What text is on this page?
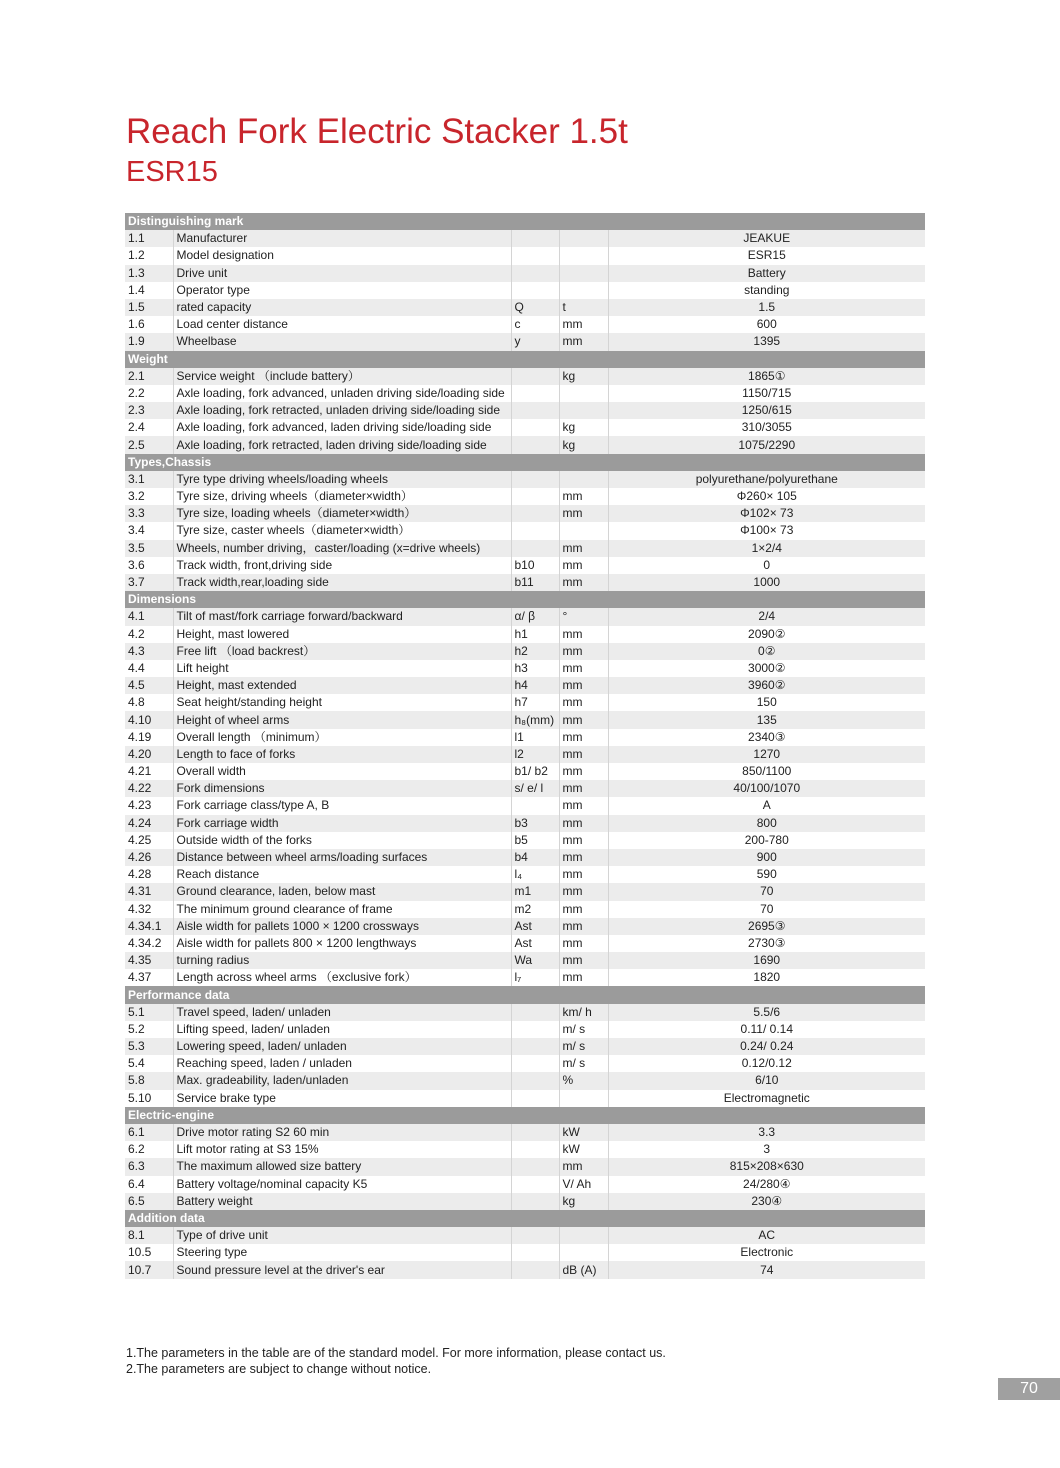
Reach Fork Electric Stacker 1.5t
ESR15
Distinguishing mark				
1.1	Manufacturer			JEAKUE
1.2	Model designation			ESR15
1.3	Drive unit			Battery
1.4	Operator type			standing
1.5	rated capacity	Q	t	1.5
1.6	Load center distance	c	mm	600
1.9	Wheelbase	y	mm	1395
Weight				
2.1	Service weight （include battery）		kg	1865①
2.2	Axle loading, fork advanced, unladen driving side/loading side			1150/715
2.3	Axle loading, fork retracted, unladen driving side/loading side			1250/615
2.4	Axle loading, fork advanced, laden driving side/loading side		kg	310/3055
2.5	Axle loading, fork retracted, laden driving side/loading side		kg	1075/2290
Types,Chassis				
3.1	Tyre type driving wheels/loading wheels			polyurethane/polyurethane
3.2	Tyre size, driving wheels（diameter×width）		mm	Φ260× 105
3.3	Tyre size, loading wheels（diameter×width）		mm	Φ102× 73
3.4	Tyre size, caster wheels（diameter×width）			Φ100× 73
3.5	Wheels, number driving，caster/loading (x=drive wheels)		mm	1×2/4
3.6	Track width, front,driving side	b10	mm	0
3.7	Track width,rear,loading side	b11	mm	1000
Dimensions				
4.1	Tilt of mast/fork carriage forward/backward	α/ β	°	2/4
4.2	Height, mast lowered	h1	mm	2090②
4.3	Free lift （load backrest）	h2	mm	0②
4.4	Lift height	h3	mm	3000②
4.5	Height, mast extended	h4	mm	3960②
4.8	Seat height/standing height	h7	mm	150
4.10	Height of wheel arms	h₈(mm)	mm	135
4.19	Overall length （minimum）	l1	mm	2340③
4.20	Length to face of forks	l2	mm	1270
4.21	Overall width	b1/ b2	mm	850/1100
4.22	Fork dimensions	s/ e/ l	mm	40/100/1070
4.23	Fork carriage class/type A, B		mm	A
4.24	Fork carriage width	b3	mm	800
4.25	Outside width of the forks	b5	mm	200-780
4.26	Distance between wheel arms/loading surfaces	b4	mm	900
4.28	Reach distance	l₄	mm	590
4.31	Ground clearance, laden, below mast	m1	mm	70
4.32	The minimum ground clearance of frame	m2	mm	70
4.34.1	Aisle width for pallets 1000 × 1200 crossways	Ast	mm	2695③
4.34.2	Aisle width for pallets 800 × 1200 lengthways	Ast	mm	2730③
4.35	turning radius	Wa	mm	1690
4.37	Length across wheel arms （exclusive fork）	l₇	mm	1820
Performance data				
5.1	Travel speed, laden/ unladen		km/ h	5.5/6
5.2	Lifting speed, laden/ unladen		m/ s	0.11/ 0.14
5.3	Lowering speed, laden/ unladen		m/ s	0.24/ 0.24
5.4	Reaching speed, laden / unladen		m/ s	0.12/0.12
5.8	Max. gradeability, laden/unladen		%	6/10
5.10	Service brake type			Electromagnetic
Electric-engine				
6.1	Drive motor rating S2 60 min		kW	3.3
6.2	Lift motor rating at S3 15%		kW	3
6.3	The maximum allowed size battery		mm	815×208×630
6.4	Battery voltage/nominal capacity K5		V/ Ah	24/280④
6.5	Battery weight		kg	230④
Addition data				
8.1	Type of drive unit			AC
10.5	Steering type			Electronic
10.7	Sound pressure level at the driver's ear		dB (A)	74
1.The parameters in the table are of the standard model. For more information, please contact us.
2.The parameters are subject to change without notice.
70
